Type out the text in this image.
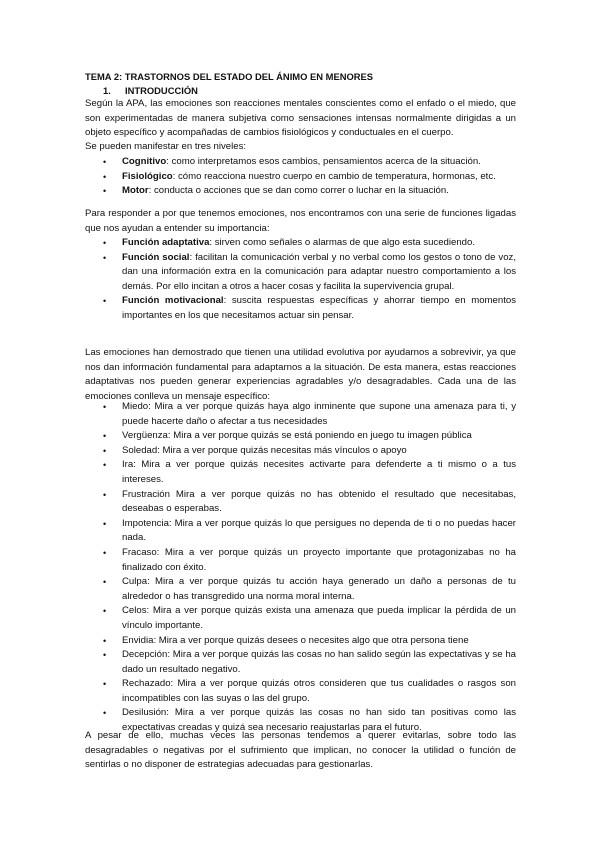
TEMA 2: TRASTORNOS DEL ESTADO DEL ÁNIMO EN MENORES
1. INTRODUCCIÓN
Según la APA, las emociones son reacciones mentales conscientes como el enfado o el miedo, que son experimentadas de manera subjetiva como sensaciones intensas normalmente dirigidas a un objeto específico y acompañadas de cambios fisiológicos y conductuales en el cuerpo.
Se pueden manifestar en tres niveles:
• Cognitivo: como interpretamos esos cambios, pensamientos acerca de la situación.
• Fisiológico: cómo reacciona nuestro cuerpo en cambio de temperatura, hormonas, etc.
• Motor: conducta o acciones que se dan como correr o luchar en la situación.
Para responder a por que tenemos emociones, nos encontramos con una serie de funciones ligadas que nos ayudan a entender su importancia:
• Función adaptativa: sirven como señales o alarmas de que algo esta sucediendo.
• Función social: facilitan la comunicación verbal y no verbal como los gestos o tono de voz, dan una información extra en la comunicación para adaptar nuestro comportamiento a los demás. Por ello incitan a otros a hacer cosas y facilita la supervivencia grupal.
• Función motivacional: suscita respuestas específicas y ahorrar tiempo en momentos importantes en los que necesitamos actuar sin pensar.
Las emociones han demostrado que tienen una utilidad evolutiva por ayudarnos a sobrevivir, ya que nos dan información fundamental para adaptarnos a la situación. De esta manera, estas reacciones adaptativas nos pueden generar experiencias agradables y/o desagradables. Cada una de las emociones conlleva un mensaje específico:
• Miedo: Mira a ver porque quizás haya algo inminente que supone una amenaza para ti, y puede hacerte daño o afectar a tus necesidades
• Vergüenza: Mira a ver porque quizás se está poniendo en juego tu imagen pública
• Soledad: Mira a ver porque quizás necesitas más vínculos o apoyo
• Ira: Mira a ver porque quizás necesites activarte para defenderte a ti mismo o a tus intereses.
• Frustración Mira a ver porque quizás no has obtenido el resultado que necesitabas, deseabas o esperabas.
• Impotencia: Mira a ver porque quizás lo que persigues no dependa de ti o no puedas hacer nada.
• Fracaso: Mira a ver porque quizás un proyecto importante que protagonizabas no ha finalizado con éxito.
• Culpa: Mira a ver porque quizás tu acción haya generado un daño a personas de tu alrededor o has transgredido una norma moral interna.
• Celos: Mira a ver porque quizás exista una amenaza que pueda implicar la pérdida de un vínculo importante.
• Envidia: Mira a ver porque quizás desees o necesites algo que otra persona tiene
• Decepción: Mira a ver porque quizás las cosas no han salido según las expectativas y se ha dado un resultado negativo.
• Rechazado: Mira a ver porque quizás otros consideren que tus cualidades o rasgos son incompatibles con las suyas o las del grupo.
• Desilusión: Mira a ver porque quizás las cosas no han sido tan positivas como las expectativas creadas y quizá sea necesario reajustarlas para el futuro.
A pesar de ello, muchas veces las personas tendemos a querer evitarlas, sobre todo las desagradables o negativas por el sufrimiento que implican, no conocer la utilidad o función de sentirlas o no disponer de estrategias adecuadas para gestionarlas.
